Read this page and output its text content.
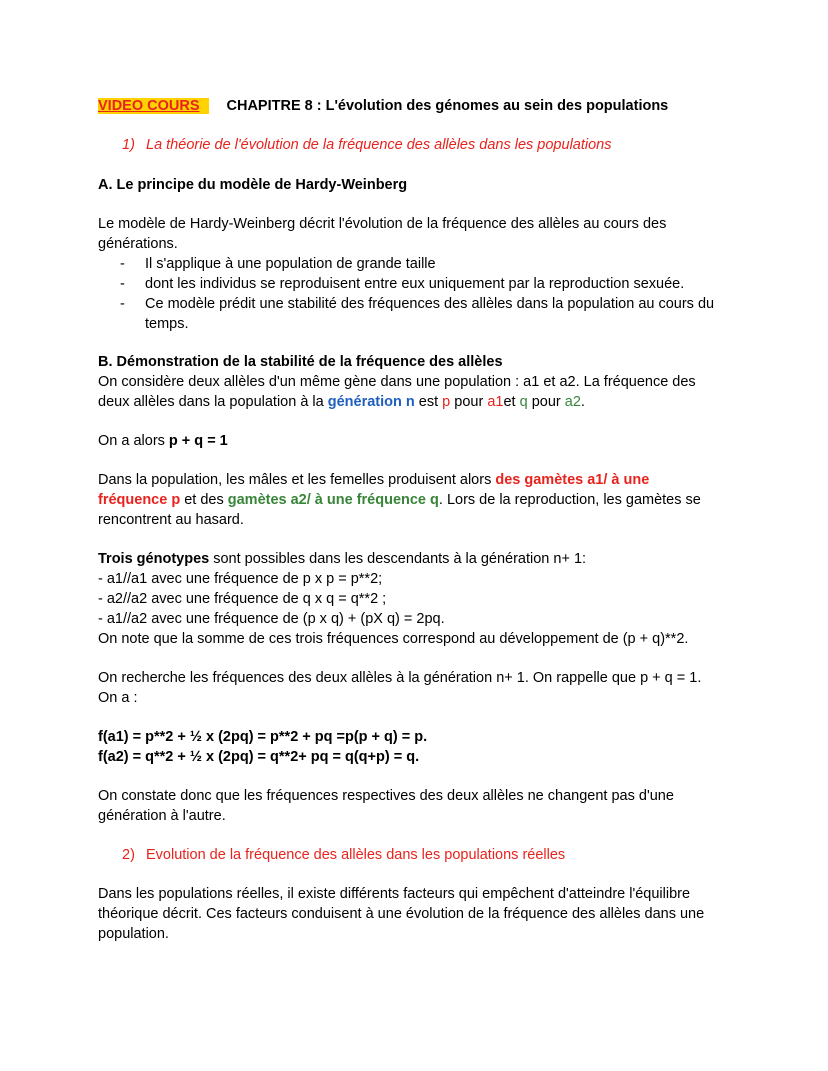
VIDEO COURS CHAPITRE 8 : L'évolution des génomes au sein des populations
1) La théorie de l'évolution de la fréquence des allèles dans les populations
A. Le principe du modèle de Hardy-Weinberg
Le modèle de Hardy-Weinberg décrit l'évolution de la fréquence des allèles au cours des
générations.
- Il s'applique à une population de grande taille
- dont les individus se reproduisent entre eux uniquement par la reproduction sexuée.
- Ce modèle prédit une stabilité des fréquences des allèles dans la population au cours du
temps.
B. Démonstration de la stabilité de la fréquence des allèles
On considère deux allèles d'un même gène dans une population : a1 et a2. La fréquence des
deux allèles dans la population à la génération n est p pour a1et q pour a2.
On a alors p + q = 1
Dans la population, les mâles et les femelles produisent alors des gamètes a1/ à une
fréquence p et des gamètes a2/ à une fréquence q. Lors de la reproduction, les gamètes se
rencontrent au hasard.
Trois génotypes sont possibles dans les descendants à la génération n+ 1:
- a1//a1 avec une fréquence de p x p = p**2;
- a2//a2 avec une fréquence de q x q = q**2 ;
- a1//a2 avec une fréquence de (p x q) + (pX q) = 2pq.
On note que la somme de ces trois fréquences correspond au développement de (p + q)**2.
On recherche les fréquences des deux allèles à la génération n+ 1. On rappelle que p + q = 1.
On a :
f(a1) = p**2 + ½ x (2pq) = p**2 + pq =p(p + q) = p.
f(a2) = q**2 + ½ x (2pq) = q**2+ pq = q(q+p) = q.
On constate donc que les fréquences respectives des deux allèles ne changent pas d'une
génération à l'autre.
2) Evolution de la fréquence des allèles dans les populations réelles
Dans les populations réelles, il existe différents facteurs qui empêchent d'atteindre l'équilibre
théorique décrit. Ces facteurs conduisent à une évolution de la fréquence des allèles dans une
population.
